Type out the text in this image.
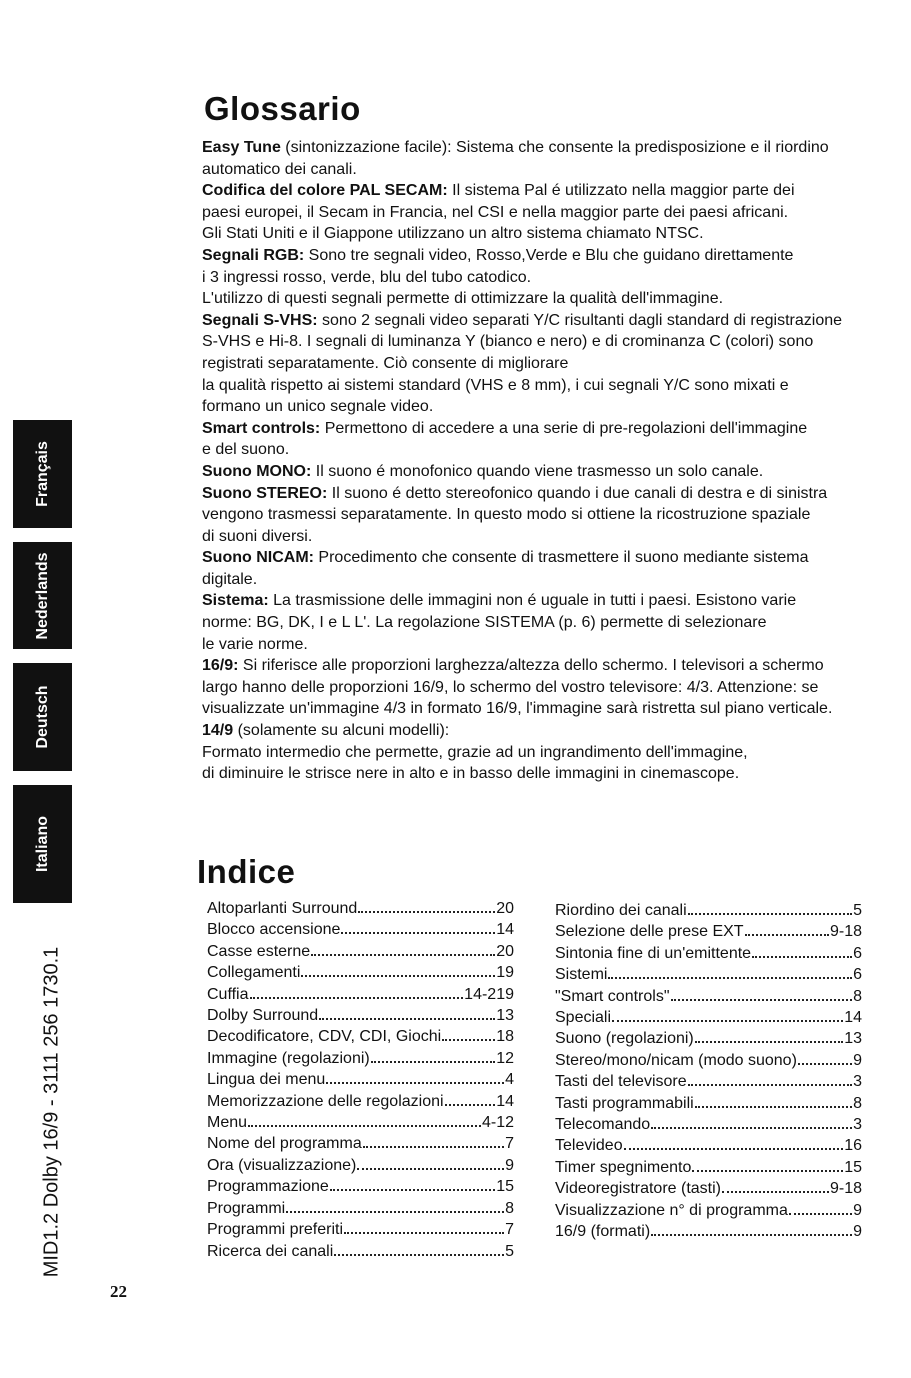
Glossario

Easy Tune (sintonizzazione facile): Sistema che consente la predisposizione e il riordino
automatico dei canali.

Codifica del colore PAL SECAM: Il sistema Pal é utilizzato nella maggior parte dei
paesi europei, il Secam in Francia, nel CSI e nella maggior parte dei paesi africani.
Gli Stati Uniti e il Giappone utilizzano un altro sistema chiamato NTSC.

Segnali RGB: Sono tre segnali video, Rosso,Verde e Blu che guidano direttamente
i 3 ingressi rosso, verde, blu del tubo catodico.
L'utilizzo di questi segnali permette di ottimizzare la qualità dell'immagine.

Segnali S-VHS: sono 2 segnali video separati Y/C risultanti dagli standard di registrazione
S-VHS e Hi-8. I segnali di luminanza Y (bianco e nero) e di crominanza C (colori) sono
registrati separatamente. Ciò consente di migliorare
la qualità rispetto ai sistemi standard (VHS e 8 mm), i cui segnali Y/C sono mixati e
formano un unico segnale video.

Smart controls: Permettono di accedere a una serie di pre-regolazioni dell'immagine
e del suono.

Suono MONO: Il suono é monofonico quando viene trasmesso un solo canale.

Suono STEREO: Il suono é detto stereofonico quando i due canali di destra e di sinistra
vengono trasmessi separatamente. In questo modo si ottiene la ricostruzione spaziale
di suoni diversi.

Suono NICAM: Procedimento che consente di trasmettere il suono mediante sistema
digitale.

Sistema: La trasmissione delle immagini non é uguale in tutti i paesi. Esistono varie
norme: BG, DK, I e L L'. La regolazione SISTEMA (p. 6) permette di selezionare
le varie norme.

16/9: Si riferisce alle proporzioni larghezza/altezza dello schermo. I televisori a schermo
largo hanno delle proporzioni 16/9, lo schermo del vostro televisore: 4/3. Attenzione: se
visualizzate un'immagine 4/3 in formato 16/9, l'immagine sarà ristretta sul piano verticale.

14/9 (solamente su alcuni modelli):
Formato intermedio che permette, grazie ad un ingrandimento dell'immagine,
di diminuire le strisce nere in alto e in basso delle immagini in cinemascope.

Indice
Altoparlanti Surround	20
Blocco accensione	14
Casse esterne	20
Collegamenti	19
Cuffia	14-219
Dolby Surround	13
Decodificatore, CDV, CDI, Giochi	18
Immagine (regolazioni)	12
Lingua dei menu	4
Memorizzazione delle regolazioni	14
Menu	4-12
Nome del programma	7
Ora (visualizzazione)	9
Programmazione	15
Programmi	8
Programmi preferiti	7
Ricerca dei canali	5
Riordino dei canali	5
Selezione delle prese EXT	9-18
Sintonia fine di un'emittente	6
Sistemi	6
"Smart controls"	8
Speciali	14
Suono (regolazioni)	13
Stereo/mono/nicam (modo suono)	9
Tasti del televisore	3
Tasti programmabili	8
Telecomando	3
Televideo	16
Timer spegnimento	15
Videoregistratore (tasti)	9-18
Visualizzazione n° di programma	9
16/9 (formati)	9
Français
Nederlands
Deutsch
Italiano
MID1.2 Dolby 16/9 - 3111 256 1730.1
22
